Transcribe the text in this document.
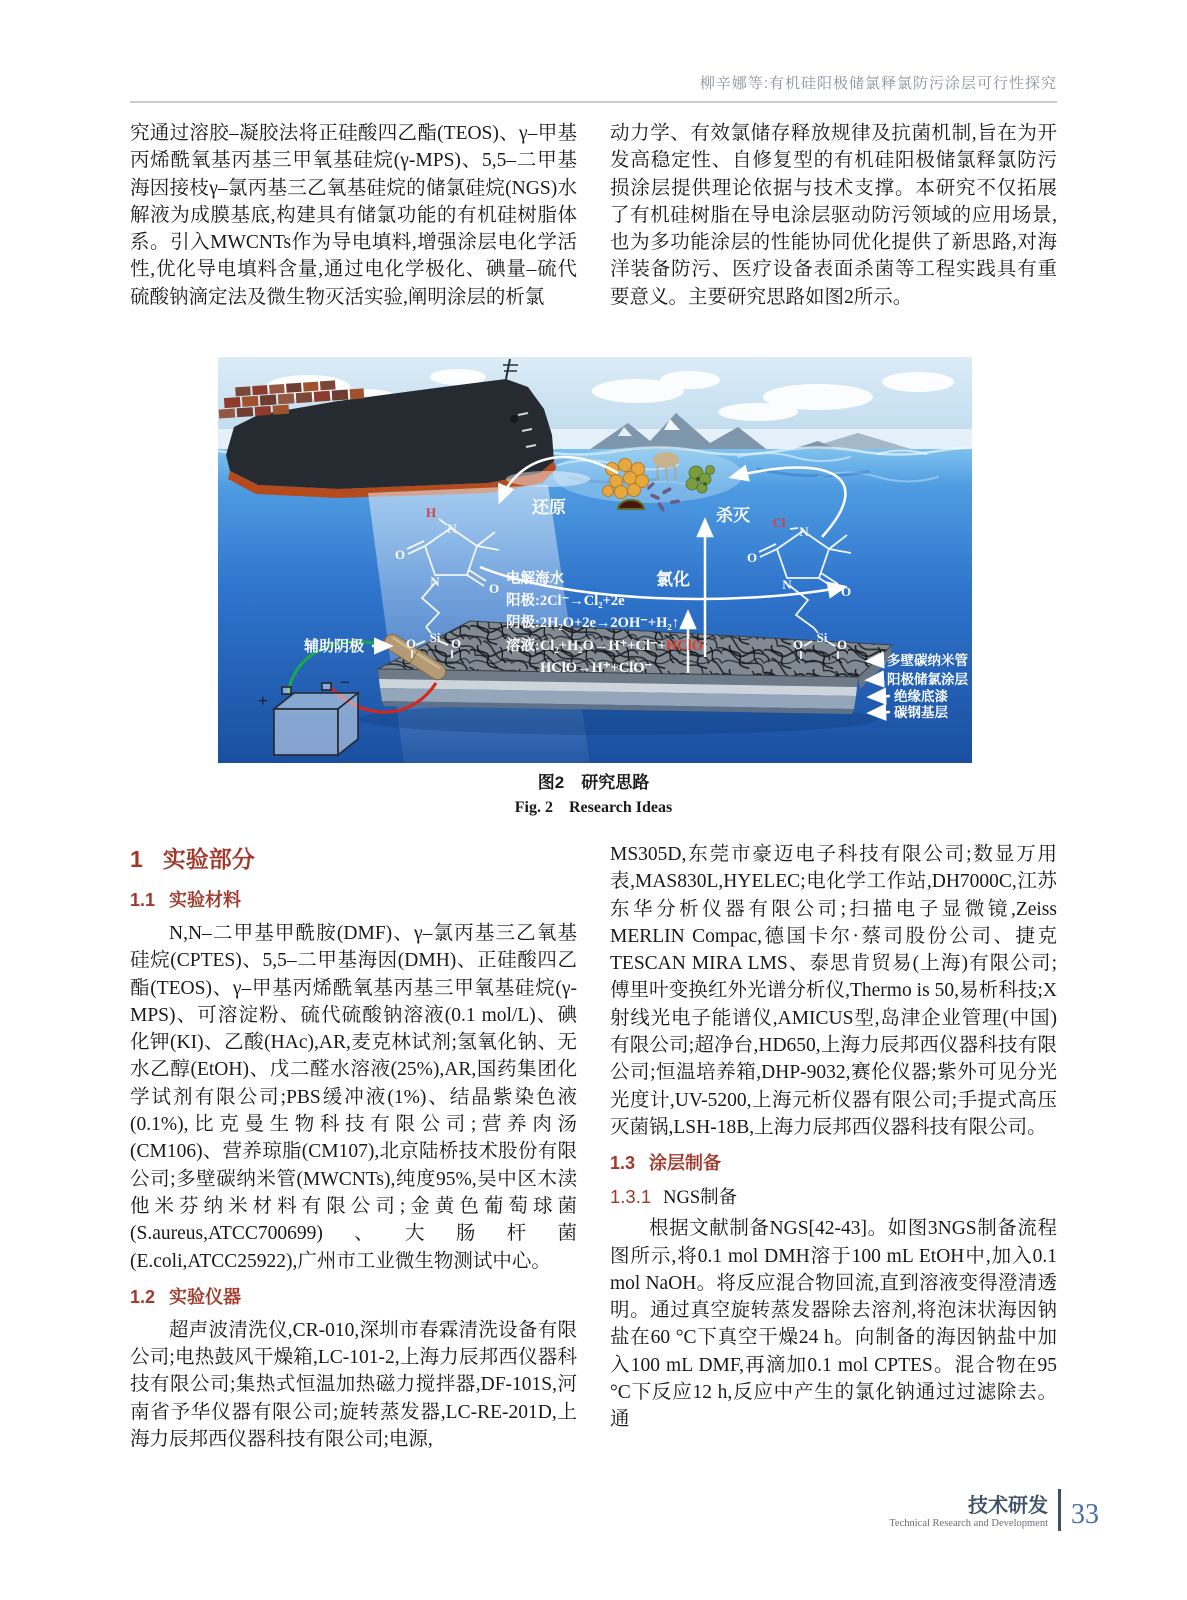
柳辛娜等:有机硅阳极储氯释氯防污涂层可行性探究

究通过溶胶–凝胶法将正硅酸四乙酯(TEOS)、γ–甲基丙烯酰氧基丙基三甲氧基硅烷(γ-MPS)、5,5–二甲基海因接枝γ–氯丙基三乙氧基硅烷的储氯硅烷(NGS)水解液为成膜基底,构建具有储氯功能的有机硅树脂体系。引入MWCNTs作为导电填料,增强涂层电化学活性,优化导电填料含量,通过电化学极化、碘量–硫代硫酸钠滴定法及微生物灭活实验,阐明涂层的析氯

动力学、有效氯储存释放规律及抗菌机制,旨在为开发高稳定性、自修复型的有机硅阳极储氯释氯防污损涂层提供理论依据与技术支撑。本研究不仅拓展了有机硅树脂在导电涂层驱动防污领域的应用场景,也为多功能涂层的性能协同优化提供了新思路,对海洋装备防污、医疗设备表面杀菌等工程实践具有重要意义。主要研究思路如图2所示。

+
−
H
N
N	O
O
Si
O	O
Cl
N
N	O
O
Si
O	O
还原	杀灭
氯化
辅助阴极
电解海水
阳极:2Cl⁻→Cl₂+2e
阴极:2H₂O+2e→2OH⁻+H₂↑
溶液:Cl₂+H₂O→H⁺+Cl⁻+ HClO
HClO→H⁺+ClO⁻	多壁碳纳米管
阳极储氯涂层
绝缘底漆
碳钢基层
图2　研究思路
Fig. 2　Research Ideas
1 实验部分
1.1 实验材料

N,N–二甲基甲酰胺(DMF)、γ–氯丙基三乙氧基硅烷(CPTES)、5,5–二甲基海因(DMH)、正硅酸四乙酯(TEOS)、γ–甲基丙烯酰氧基丙基三甲氧基硅烷(γ-MPS)、可溶淀粉、硫代硫酸钠溶液(0.1 mol/L)、碘化钾(KI)、乙酸(HAc),AR,麦克林试剂;氢氧化钠、无水乙醇(EtOH)、戊二醛水溶液(25%),AR,国药集团化学试剂有限公司;PBS缓冲液(1%)、结晶紫染色液(0.1%),比克曼生物科技有限公司;营养肉汤(CM106)、营养琼脂(CM107),北京陆桥技术股份有限公司;多壁碳纳米管(MWCNTs),纯度95%,吴中区木渎他米芬纳米材料有限公司;金黄色葡萄球菌(S.aureus,ATCC700699)、大肠杆菌(E.coli,ATCC25922),广州市工业微生物测试中心。

1.2 实验仪器

超声波清洗仪,CR-010,深圳市春霖清洗设备有限公司;电热鼓风干燥箱,LC-101-2,上海力辰邦西仪器科技有限公司;集热式恒温加热磁力搅拌器,DF-101S,河南省予华仪器有限公司;旋转蒸发器,LC-RE-201D,上海力辰邦西仪器科技有限公司;电源,

MS305D,东莞市豪迈电子科技有限公司;数显万用表,MAS830L,HYELEC;电化学工作站,DH7000C,江苏东华分析仪器有限公司;扫描电子显微镜,Zeiss MERLIN Compac,德国卡尔·蔡司股份公司、捷克TESCAN MIRA LMS、泰思肯贸易(上海)有限公司;傅里叶变换红外光谱分析仪,Thermo is 50,易析科技;X射线光电子能谱仪,AMICUS型,岛津企业管理(中国)有限公司;超净台,HD650,上海力辰邦西仪器科技有限公司;恒温培养箱,DHP-9032,赛伦仪器;紫外可见分光光度计,UV-5200,上海元析仪器有限公司;手提式高压灭菌锅,LSH-18B,上海力辰邦西仪器科技有限公司。

1.3 涂层制备
1.3.1 NGS制备

根据文献制备NGS[42-43]。如图3NGS制备流程图所示,将0.1 mol DMH溶于100 mL EtOH中,加入0.1 mol NaOH。将反应混合物回流,直到溶液变得澄清透明。通过真空旋转蒸发器除去溶剂,将泡沫状海因钠盐在60 °C下真空干燥24 h。向制备的海因钠盐中加入100 mL DMF,再滴加0.1 mol CPTES。混合物在95 °C下反应12 h,反应中产生的氯化钠通过过滤除去。通

技术研发
Technical Research and Development 33
